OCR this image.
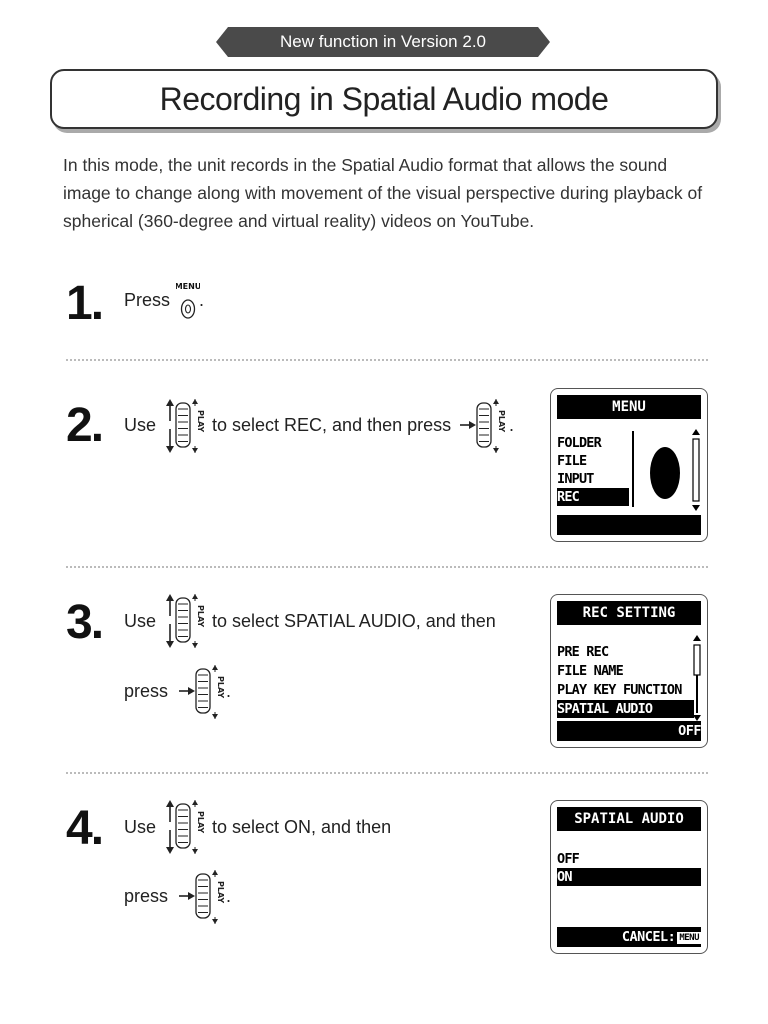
New function in Version 2.0
Recording in Spatial Audio mode
In this mode, the unit records in the Spatial Audio format that allows the sound image to change along with movement of the visual perspective during playback of spherical (360-degree and virtual reality) videos on YouTube.
1. Press
MENU
.
2. Use	PLAY to select REC, and then press	PLAY .
MENU
FOLDER
FILE
INPUT
REC
3. Use	PLAY to select SPATIAL AUDIO, and then
press	PLAY .
REC SETTING
PRE REC
FILE NAME
PLAY KEY FUNCTION
SPATIAL AUDIO
OFF
4. Use	PLAY to select ON, and then
press	PLAY .
SPATIAL AUDIO
OFF
ON
CANCEL: MENU
